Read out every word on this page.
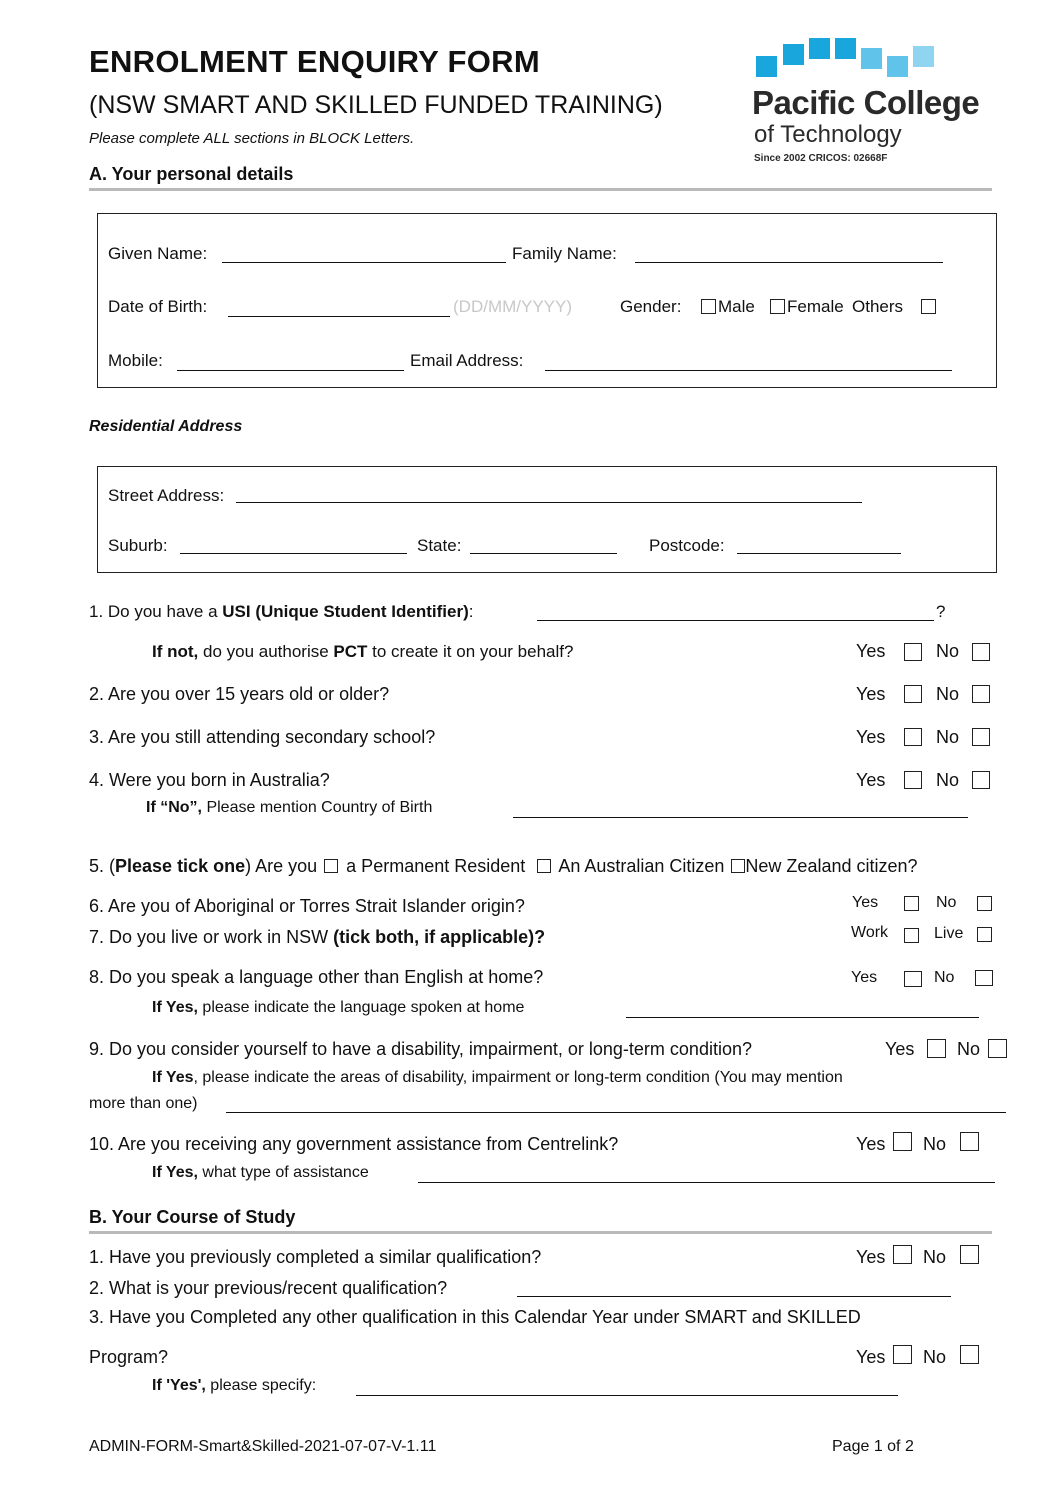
ENROLMENT ENQUIRY FORM
(NSW SMART AND SKILLED FUNDED TRAINING)
Please complete ALL sections in BLOCK Letters.
Pacific College
of Technology
Since 2002 CRICOS: 02668F
A. Your personal details
Given Name:	Family Name:
Date of Birth:	(DD/MM/YYYY)	Gender: Male Female Others
Mobile:	Email Address:
Residential Address
Street Address:
Suburb:	State:	Postcode:
1. Do you have a USI (Unique Student Identifier):	?
If not, do you authorise PCT to create it on your behalf?	Yes	No
2. Are you over 15 years old or older?	Yes	No
3. Are you still attending secondary school?	Yes	No
4. Were you born in Australia?	Yes	No
If “No”, Please mention Country of Birth
5. (Please tick one) Are you a Permanent Resident An Australian Citizen New Zealand citizen?
6. Are you of Aboriginal or Torres Strait Islander origin?	Yes	No
7. Do you live or work in NSW (tick both, if applicable)?	Work	Live
8. Do you speak a language other than English at home?	Yes	No
If Yes, please indicate the language spoken at home
9. Do you consider yourself to have a disability, impairment, or long-term condition?	Yes No
If Yes, please indicate the areas of disability, impairment or long-term condition (You may mention
more than one)
10. Are you receiving any government assistance from Centrelink?	Yes No
If Yes, what type of assistance
B. Your Course of Study
1. Have you previously completed a similar qualification?	Yes No
2. What is your previous/recent qualification?
3. Have you Completed any other qualification in this Calendar Year under SMART and SKILLED
Program?	Yes No
If 'Yes', please specify:
ADMIN-FORM-Smart&Skilled-2021-07-07-V-1.11	Page 1 of 2
